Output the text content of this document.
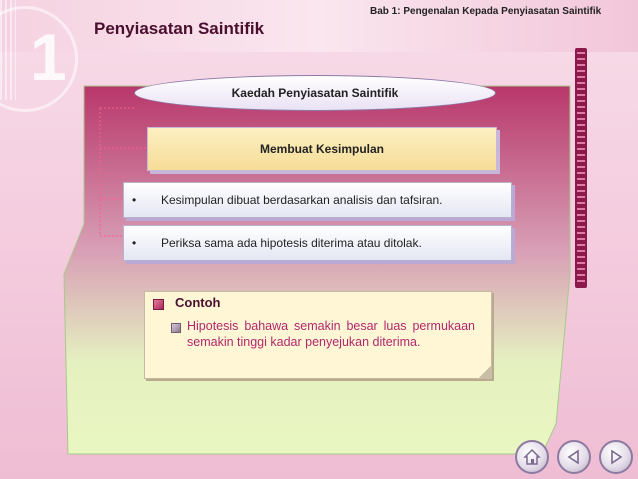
1
Bab 1: Pengenalan Kepada Penyiasatan Saintifik
Penyiasatan Saintifik
Kaedah Penyiasatan Saintifik
Membuat Kesimpulan
•	Kesimpulan dibuat berdasarkan analisis dan tafsiran.
•	Periksa sama ada hipotesis diterima atau ditolak.
Contoh
Hipotesis bahawa semakin besar luas permukaan semakin tinggi kadar penyejukan diterima.
